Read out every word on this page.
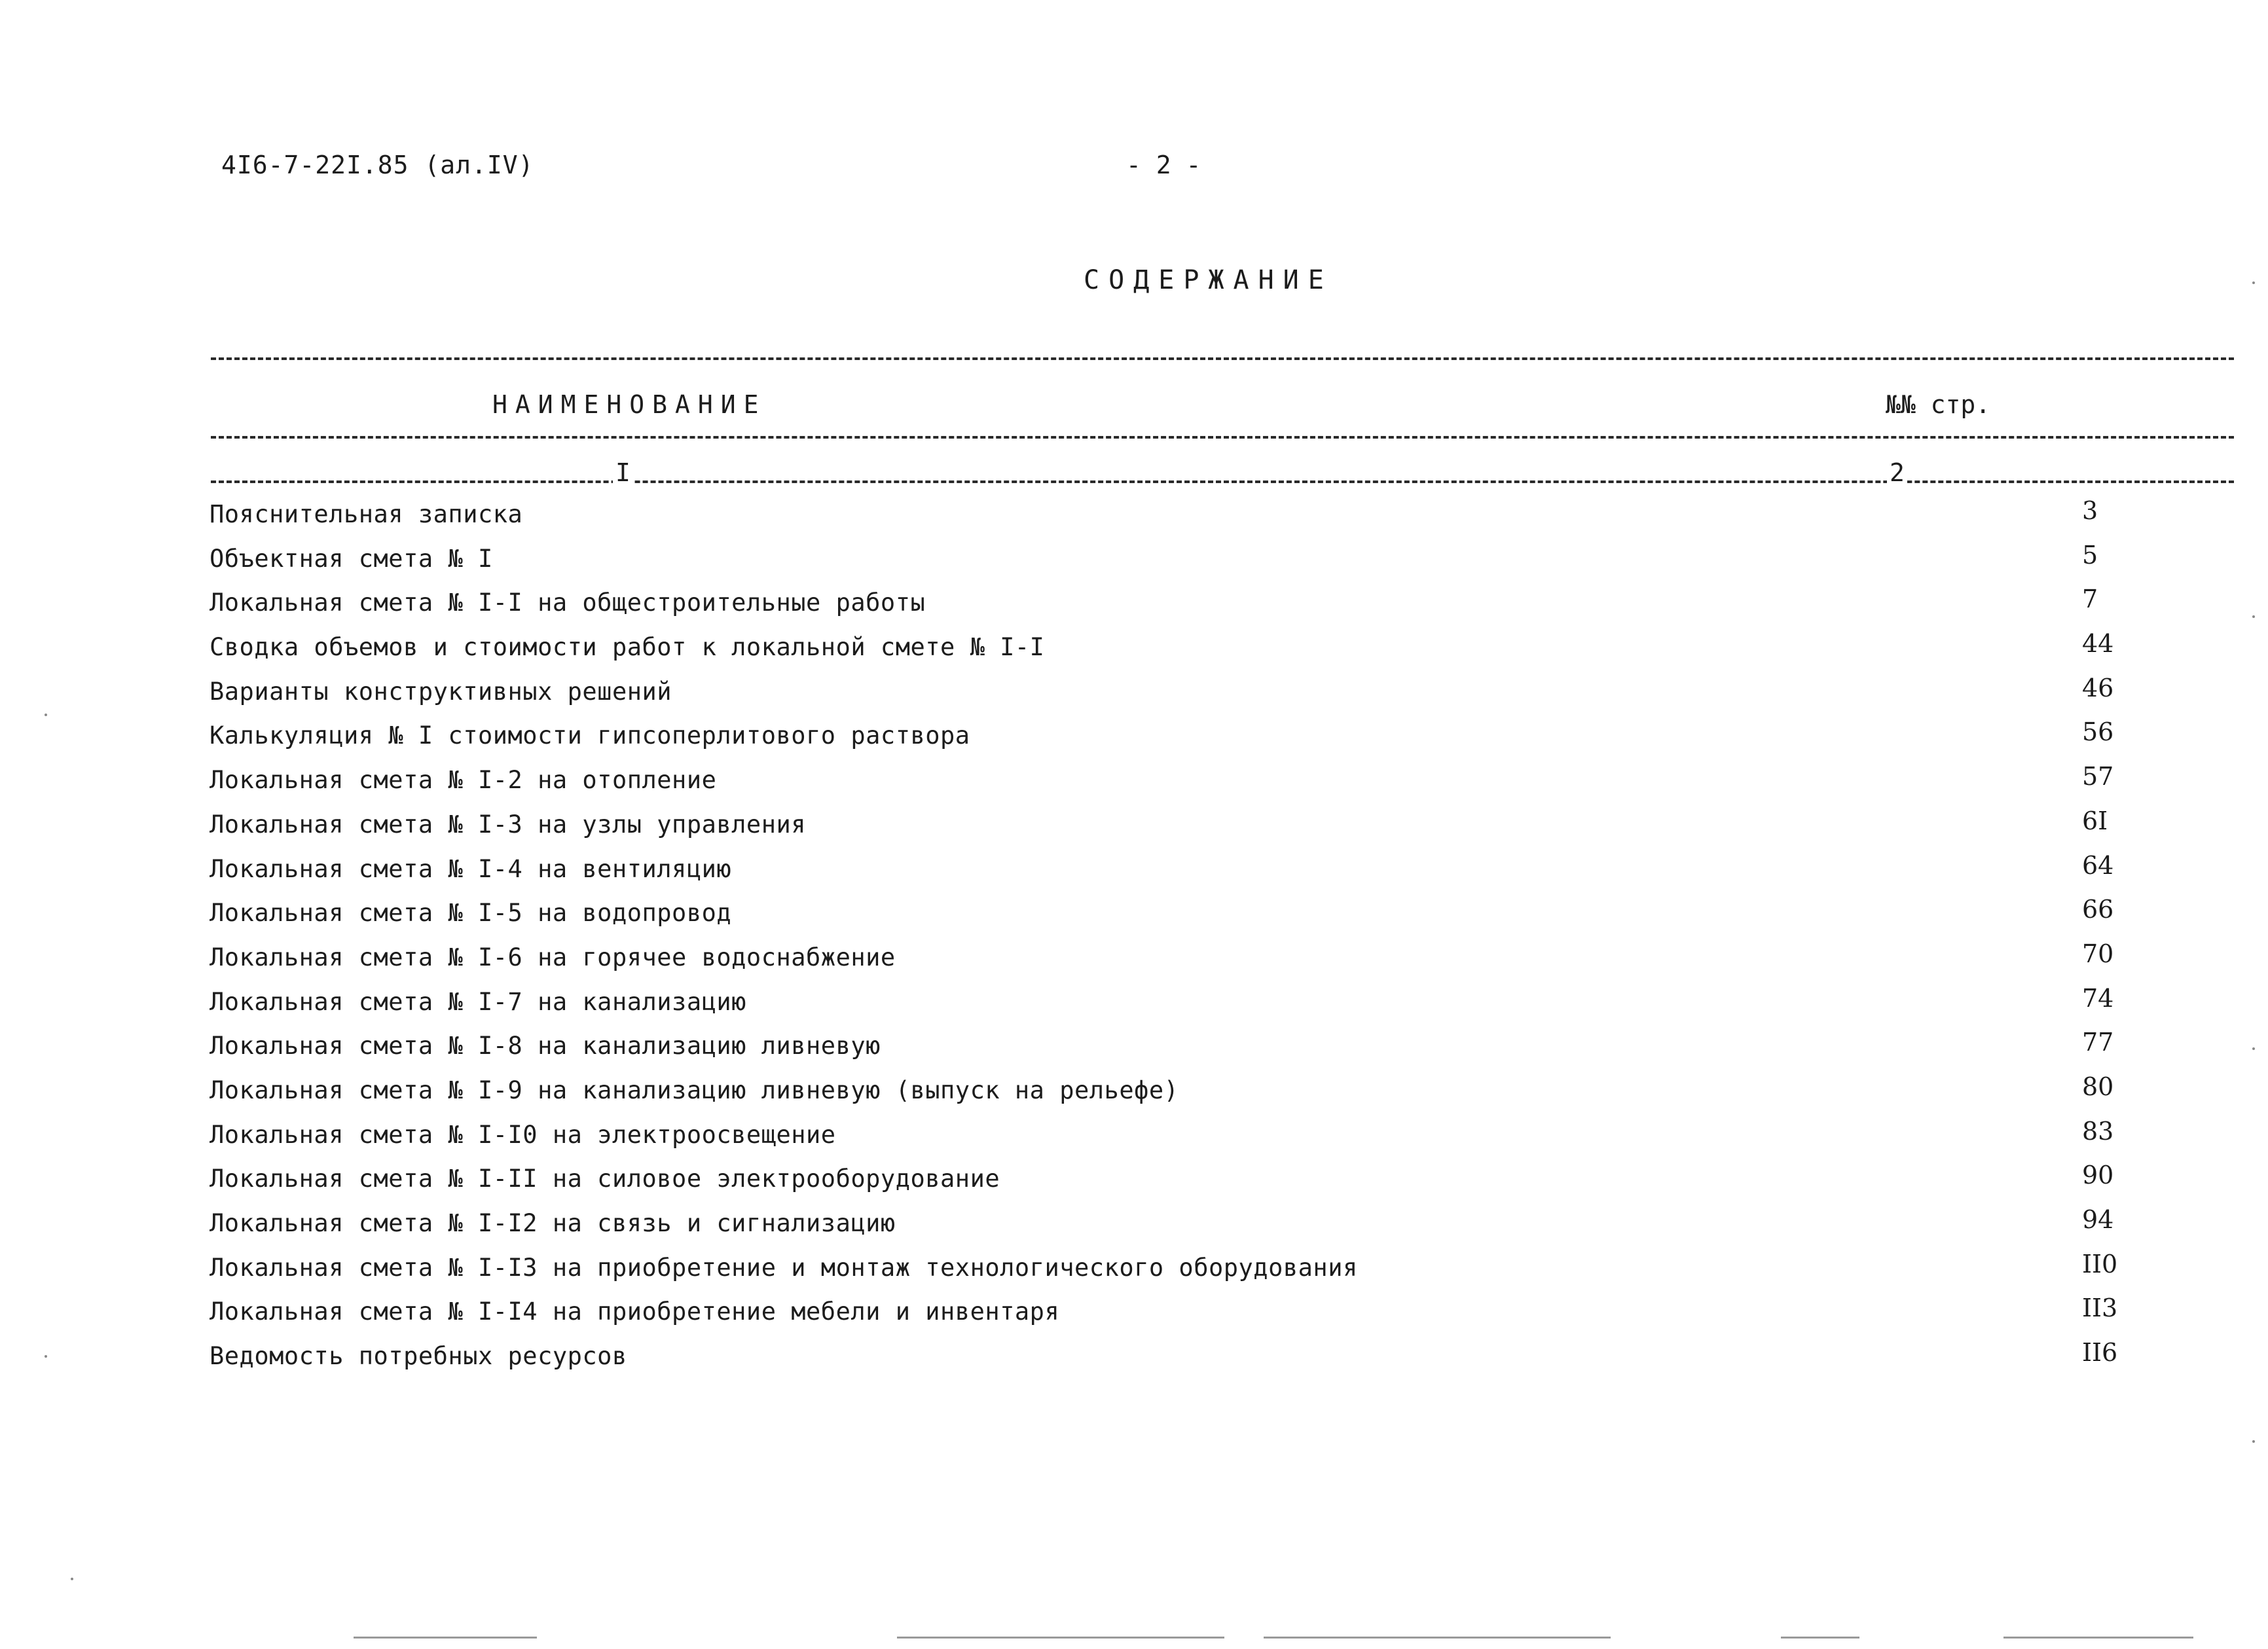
4I6-7-22I.85 (ал.IV)	- 2 -
СОДЕРЖАНИЕ
НАИМЕНОВАНИЕ	№№ стр.
I	2
Пояснительная записка	3
Объектная смета № I	5
Локальная смета № I-I на общестроительные работы	7
Сводка объемов и стоимости работ к локальной смете № I-I	44
Варианты конструктивных решений	46
Калькуляция № I стоимости гипсоперлитового раствора	56
Локальная смета № I-2 на отопление	57
Локальная смета № I-3 на узлы управления	6I
Локальная смета № I-4 на вентиляцию	64
Локальная смета № I-5 на водопровод	66
Локальная смета № I-6 на горячее водоснабжение	70
Локальная смета № I-7 на канализацию	74
Локальная смета № I-8 на канализацию ливневую	77
Локальная смета № I-9 на канализацию ливневую (выпуск на рельефе)	80
Локальная смета № I-I0 на электроосвещение	83
Локальная смета № I-II на силовое электрооборудование	90
Локальная смета № I-I2 на связь и сигнализацию	94
Локальная смета № I-I3 на приобретение и монтаж технологического оборудования	II0
Локальная смета № I-I4 на приобретение мебели и инвентаря	II3
Ведомость потребных ресурсов	II6
